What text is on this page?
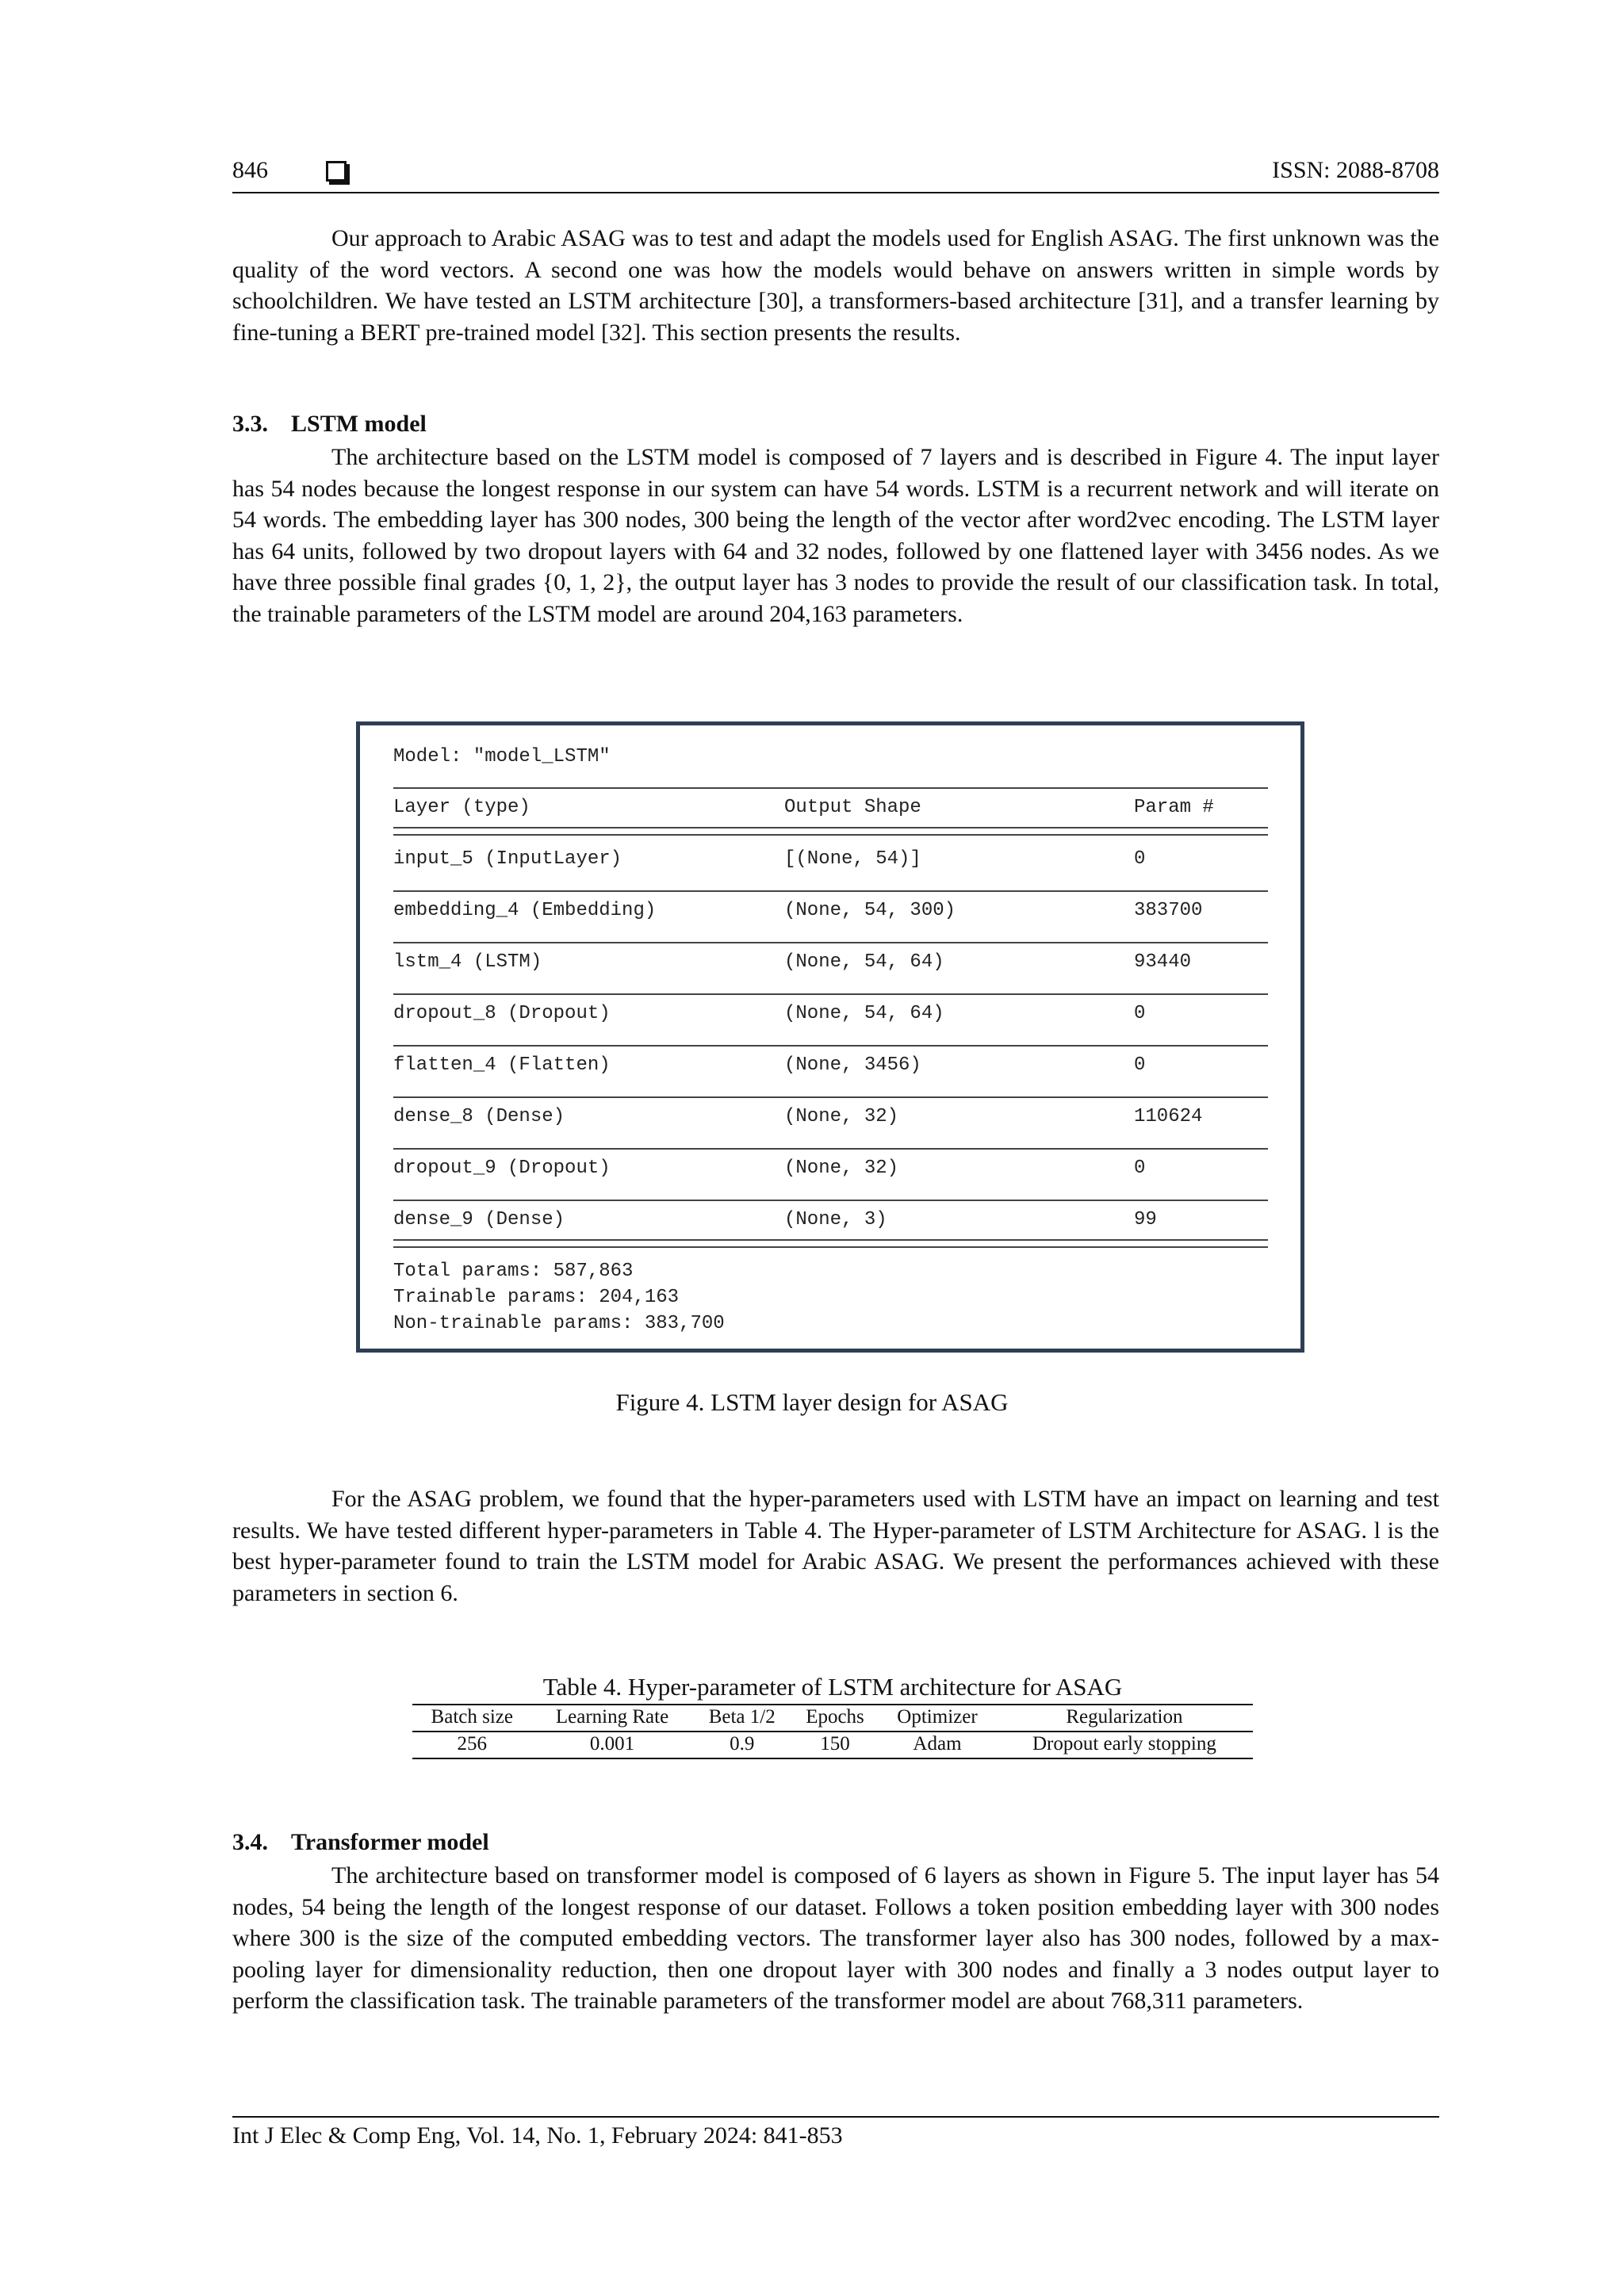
846	ISSN: 2088-8708

Our approach to Arabic ASAG was to test and adapt the models used for English ASAG. The first unknown was the quality of the word vectors. A second one was how the models would behave on answers written in simple words by schoolchildren. We have tested an LSTM architecture [30], a transformers-based architecture [31], and a transfer learning by fine-tuning a BERT pre-trained model [32]. This section presents the results.

3.3. LSTM model

The architecture based on the LSTM model is composed of 7 layers and is described in Figure 4. The input layer has 54 nodes because the longest response in our system can have 54 words. LSTM is a recurrent network and will iterate on 54 words. The embedding layer has 300 nodes, 300 being the length of the vector after word2vec encoding. The LSTM layer has 64 units, followed by two dropout layers with 64 and 32 nodes, followed by one flattened layer with 3456 nodes. As we have three possible final grades {0, 1, 2}, the output layer has 3 nodes to provide the result of our classification task. In total, the trainable parameters of the LSTM model are around 204,163 parameters.

Model: "model_LSTM"
Layer (type)	Output Shape	Param #
input_5 (InputLayer)	[(None, 54)]	0
embedding_4 (Embedding)	(None, 54, 300)	383700
lstm_4 (LSTM)	(None, 54, 64)	93440
dropout_8 (Dropout)	(None, 54, 64)	0
flatten_4 (Flatten)	(None, 3456)	0
dense_8 (Dense)	(None, 32)	110624
dropout_9 (Dropout)	(None, 32)	0
dense_9 (Dense)	(None, 3)	99
Total params: 587,863
Trainable params: 204,163
Non-trainable params: 383,700

Figure 4. LSTM layer design for ASAG

For the ASAG problem, we found that the hyper-parameters used with LSTM have an impact on learning and test results. We have tested different hyper-parameters in Table 4. The Hyper-parameter of LSTM Architecture for ASAG. l is the best hyper-parameter found to train the LSTM model for Arabic ASAG. We present the performances achieved with these parameters in section 6.

Table 4. Hyper-parameter of LSTM architecture for ASAG
Batch size	Learning Rate	Beta 1/2	Epochs	Optimizer	Regularization
256	0.001	0.9	150	Adam	Dropout early stopping

3.4. Transformer model

The architecture based on transformer model is composed of 6 layers as shown in Figure 5. The input layer has 54 nodes, 54 being the length of the longest response of our dataset. Follows a token position embedding layer with 300 nodes where 300 is the size of the computed embedding vectors. The transformer layer also has 300 nodes, followed by a max-pooling layer for dimensionality reduction, then one dropout layer with 300 nodes and finally a 3 nodes output layer to perform the classification task. The trainable parameters of the transformer model are about 768,311 parameters.

Int J Elec & Comp Eng, Vol. 14, No. 1, February 2024: 841-853
